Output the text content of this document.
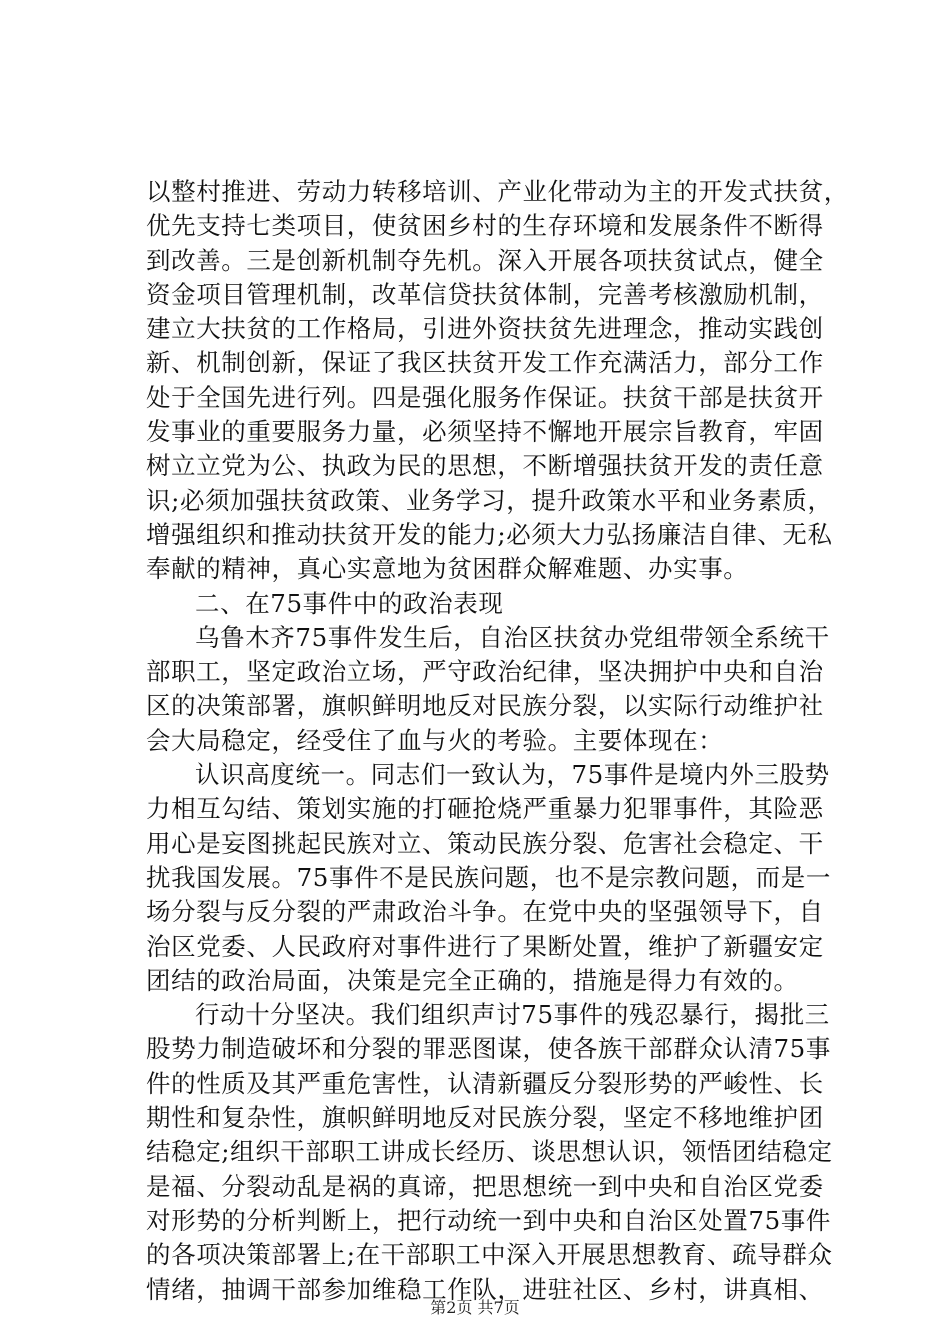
以整村推进、劳动力转移培训、产业化带动为主的开发式扶贫，
优先支持七类项目，使贫困乡村的生存环境和发展条件不断得
到改善。三是创新机制夺先机。深入开展各项扶贫试点，健全
资金项目管理机制，改革信贷扶贫体制，完善考核激励机制，
建立大扶贫的工作格局，引进外资扶贫先进理念，推动实践创
新、机制创新，保证了我区扶贫开发工作充满活力，部分工作
处于全国先进行列。四是强化服务作保证。扶贫干部是扶贫开
发事业的重要服务力量，必须坚持不懈地开展宗旨教育，牢固
树立立党为公、执政为民的思想，不断增强扶贫开发的责任意
识;必须加强扶贫政策、业务学习，提升政策水平和业务素质，
增强组织和推动扶贫开发的能力;必须大力弘扬廉洁自律、无私
奉献的精神，真心实意地为贫困群众解难题、办实事。
二、在75事件中的政治表现
乌鲁木齐75事件发生后，自治区扶贫办党组带领全系统干
部职工，坚定政治立场，严守政治纪律，坚决拥护中央和自治
区的决策部署，旗帜鲜明地反对民族分裂，以实际行动维护社
会大局稳定，经受住了血与火的考验。主要体现在：
认识高度统一。同志们一致认为，75事件是境内外三股势
力相互勾结、策划实施的打砸抢烧严重暴力犯罪事件，其险恶
用心是妄图挑起民族对立、策动民族分裂、危害社会稳定、干
扰我国发展。75事件不是民族问题，也不是宗教问题，而是一
场分裂与反分裂的严肃政治斗争。在党中央的坚强领导下，自
治区党委、人民政府对事件进行了果断处置，维护了新疆安定
团结的政治局面，决策是完全正确的，措施是得力有效的。
行动十分坚决。我们组织声讨75事件的残忍暴行，揭批三
股势力制造破坏和分裂的罪恶图谋，使各族干部群众认清75事
件的性质及其严重危害性，认清新疆反分裂形势的严峻性、长
期性和复杂性，旗帜鲜明地反对民族分裂，坚定不移地维护团
结稳定;组织干部职工讲成长经历、谈思想认识，领悟团结稳定
是福、分裂动乱是祸的真谛，把思想统一到中央和自治区党委
对形势的分析判断上，把行动统一到中央和自治区处置75事件
的各项决策部署上;在干部职工中深入开展思想教育、疏导群众
情绪，抽调干部参加维稳工作队，进驻社区、乡村，讲真相、
第2页 共7页
